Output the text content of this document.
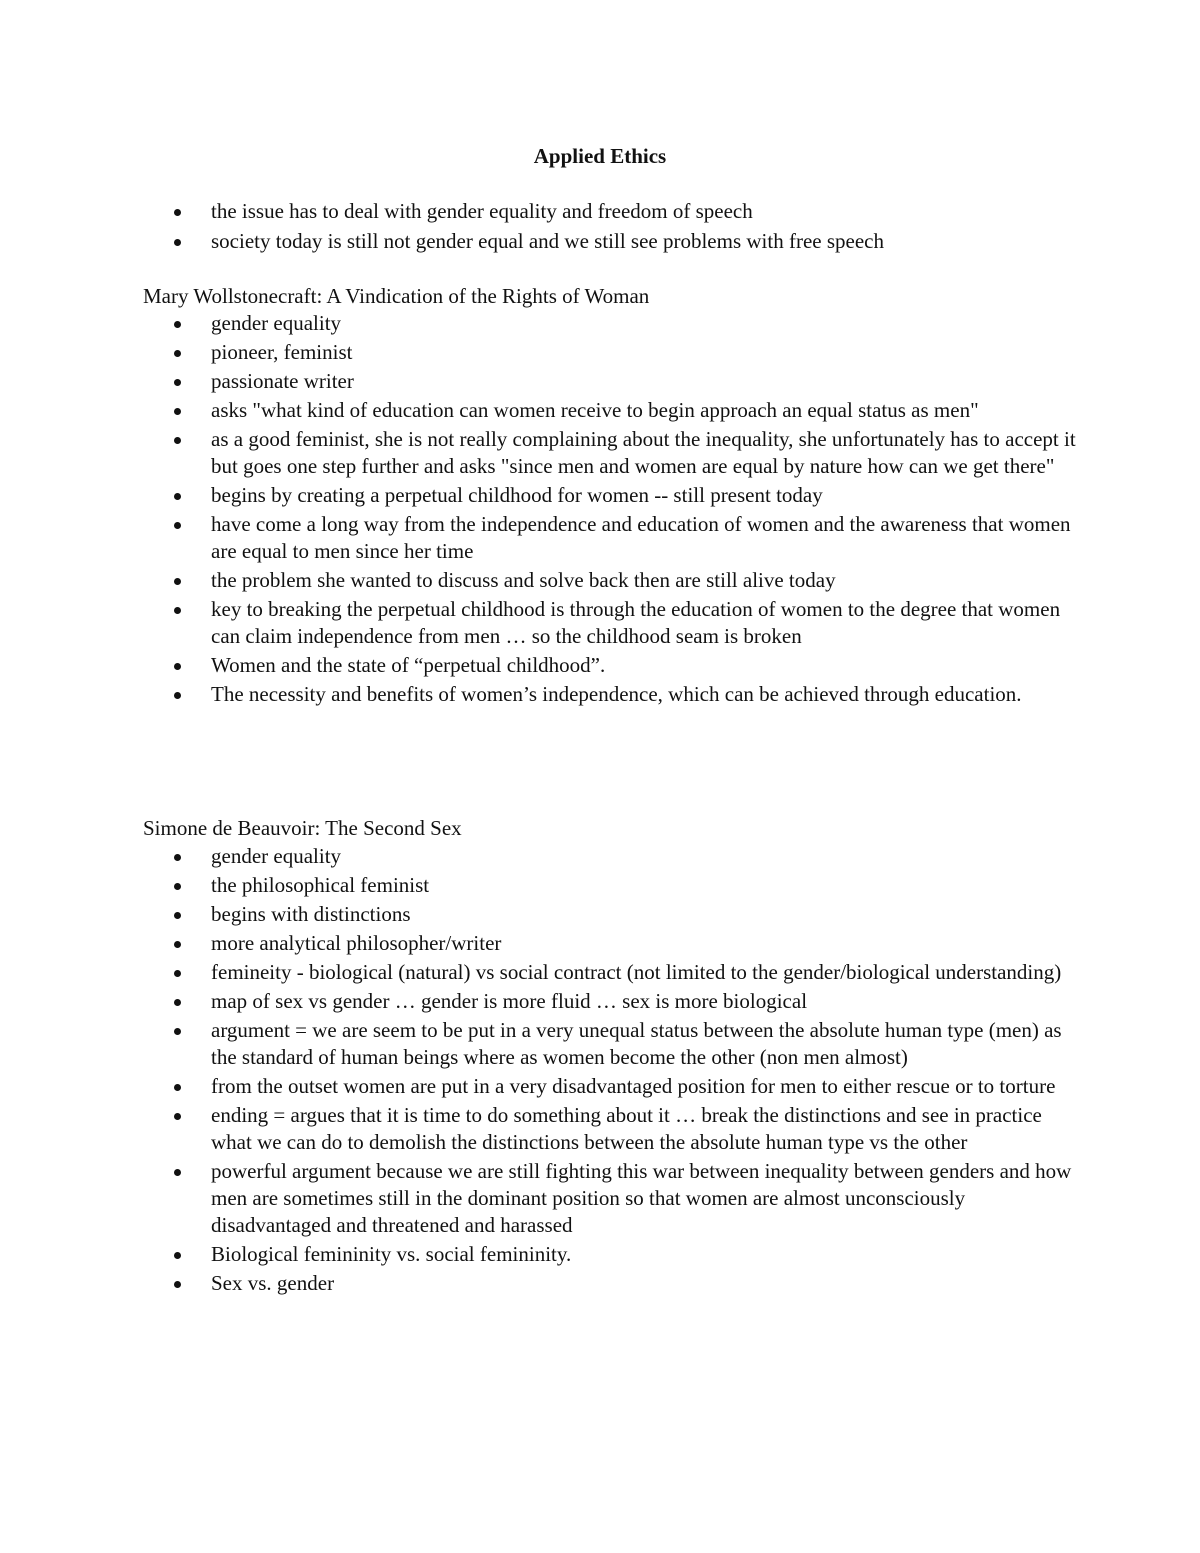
Applied Ethics
the issue has to deal with gender equality and freedom of speech
society today is still not gender equal and we still see problems with free speech

Mary Wollstonecraft: A Vindication of the Rights of Woman

gender equality
pioneer, feminist
passionate writer
asks "what kind of education can women receive to begin approach an equal status as men"
as a good feminist, she is not really complaining about the inequality, she unfortunately has to accept it but goes one step further and asks "since men and women are equal by nature how can we get there"
begins by creating a perpetual childhood for women -- still present today
have come a long way from the independence and education of women and the awareness that women are equal to men since her time
the problem she wanted to discuss and solve back then are still alive today
key to breaking the perpetual childhood is through the education of women to the degree that women can claim independence from men … so the childhood seam is broken
Women and the state of “perpetual childhood”.
The necessity and benefits of women’s independence, which can be achieved through education.

Simone de Beauvoir: The Second Sex

gender equality
the philosophical feminist
begins with distinctions
more analytical philosopher/writer
femineity - biological (natural) vs social contract (not limited to the gender/biological understanding)
map of sex vs gender … gender is more fluid … sex is more biological
argument = we are seem to be put in a very unequal status between the absolute human type (men) as the standard of human beings where as women become the other (non men almost)
from the outset women are put in a very disadvantaged position for men to either rescue or to torture
ending = argues that it is time to do something about it … break the distinctions and see in practice what we can do to demolish the distinctions between the absolute human type vs the other
powerful argument because we are still fighting this war between inequality between genders and how men are sometimes still in the dominant position so that women are almost unconsciously disadvantaged and threatened and harassed
Biological femininity vs. social femininity.
Sex vs. gender
